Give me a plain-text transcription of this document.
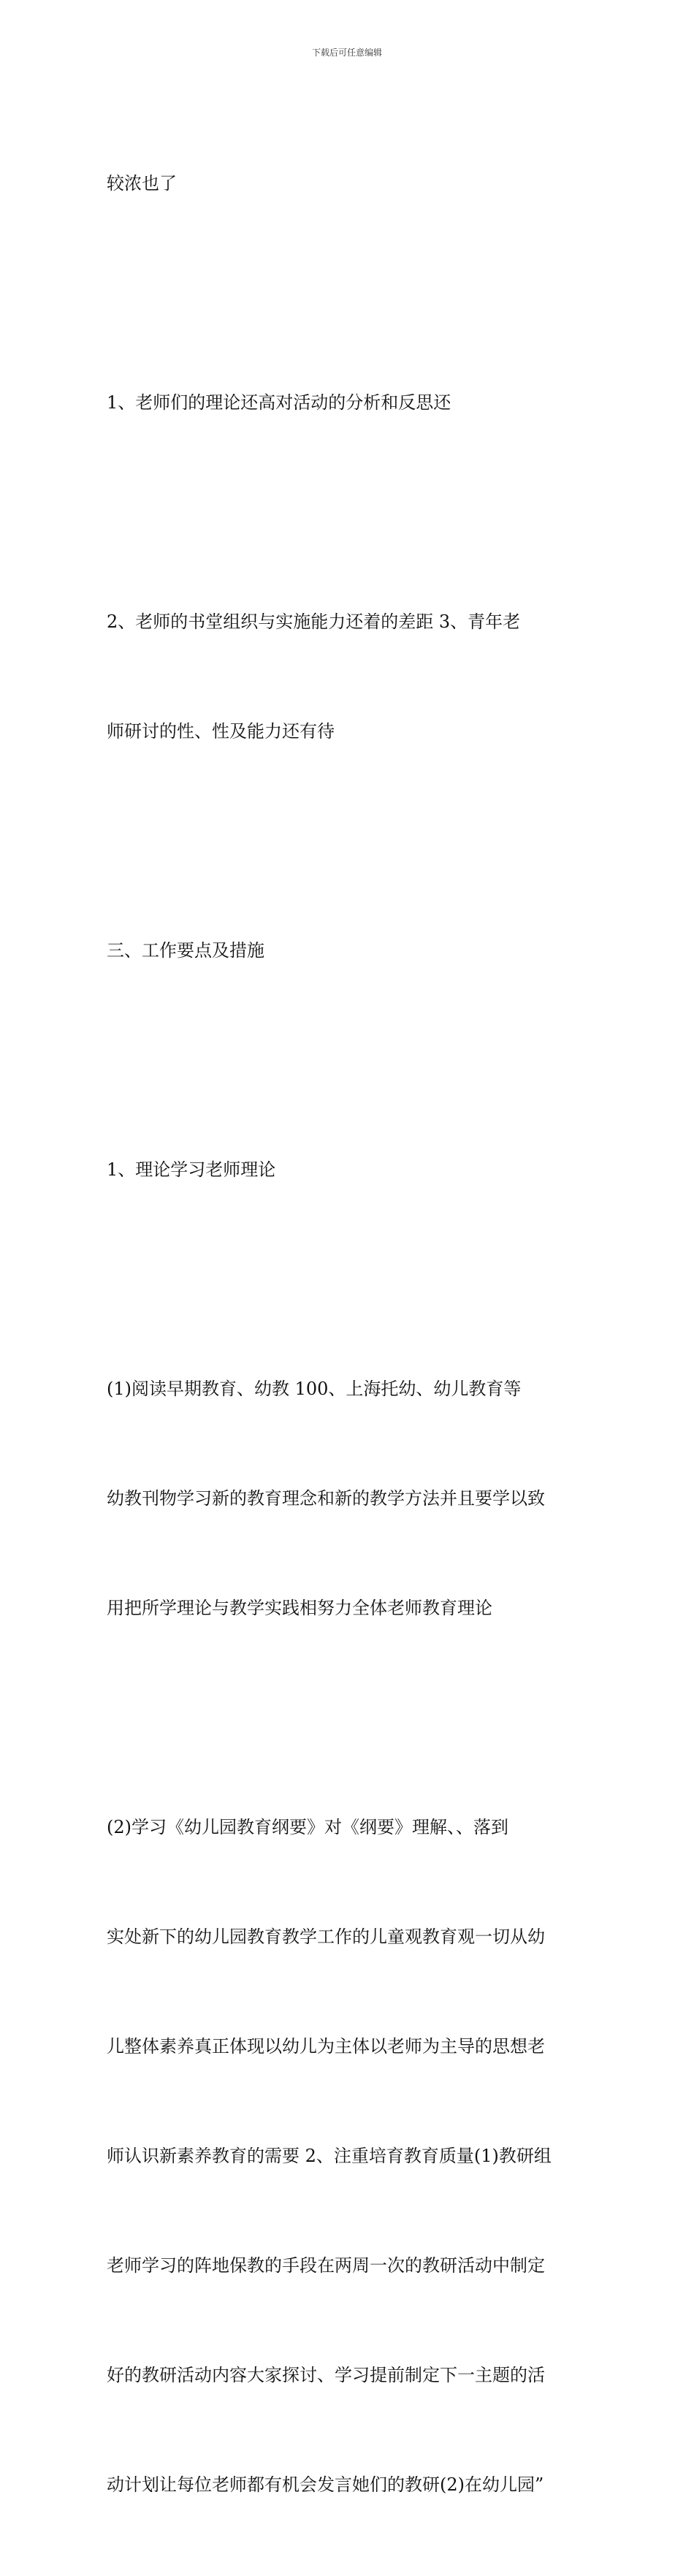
下载后可任意编辑

较浓也了

1、老师们的理论还高对活动的分析和反思还

2、老师的书堂组织与实施能力还着的差距 3、青年老

师研讨的性、性及能力还有待

三、工作要点及措施

1、理论学习老师理论

(1)阅读早期教育、幼教 100、上海托幼、幼儿教育等

幼教刊物学习新的教育理念和新的教学方法并且要学以致

用把所学理论与教学实践相努力全体老师教育理论

(2)学习《幼儿园教育纲要》对《纲要》理解、、落到

实处新下的幼儿园教育教学工作的儿童观教育观一切从幼

儿整体素养真正体现以幼儿为主体以老师为主导的思想老

师认识新素养教育的需要 2、注重培育教育质量(1)教研组

老师学习的阵地保教的手段在两周一次的教研活动中制定

好的教研活动内容大家探讨、学习提前制定下一主题的活

动计划让每位老师都有机会发言她们的教研(2)在幼儿园”
